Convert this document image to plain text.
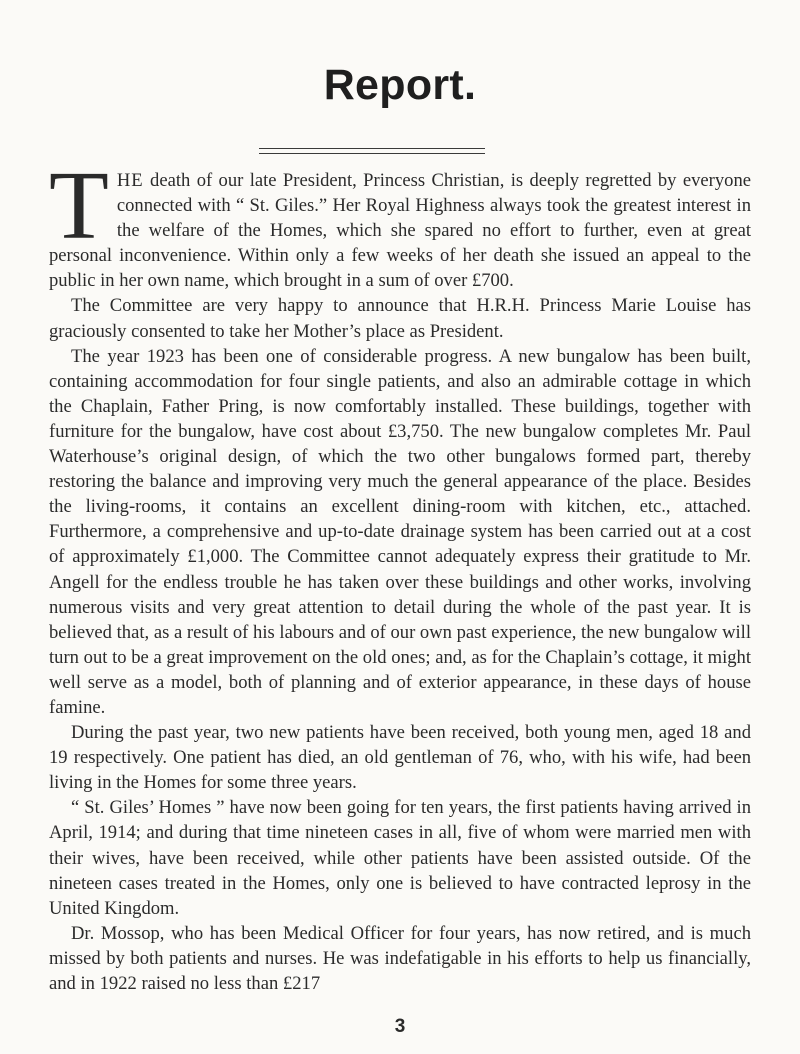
Report.

THE death of our late President, Princess Christian, is deeply regretted by everyone connected with “ St. Giles.” Her Royal Highness always took the greatest interest in the welfare of the Homes, which she spared no effort to further, even at great personal inconvenience. Within only a few weeks of her death she issued an appeal to the public in her own name, which brought in a sum of over £700.

The Committee are very happy to announce that H.R.H. Princess Marie Louise has graciously consented to take her Mother’s place as President.

The year 1923 has been one of considerable progress. A new bungalow has been built, containing accommodation for four single patients, and also an admirable cottage in which the Chaplain, Father Pring, is now comfortably installed. These buildings, together with furniture for the bungalow, have cost about £3,750. The new bungalow completes Mr. Paul Waterhouse’s original design, of which the two other bungalows formed part, thereby restoring the balance and improving very much the general appearance of the place. Besides the living-rooms, it contains an excellent dining-room with kitchen, etc., attached. Furthermore, a comprehensive and up-to-date drainage system has been carried out at a cost of approximately £1,000. The Committee cannot adequately express their gratitude to Mr. Angell for the endless trouble he has taken over these buildings and other works, involving numerous visits and very great attention to detail during the whole of the past year. It is believed that, as a result of his labours and of our own past experience, the new bungalow will turn out to be a great improvement on the old ones; and, as for the Chaplain’s cottage, it might well serve as a model, both of planning and of exterior appearance, in these days of house famine.

During the past year, two new patients have been received, both young men, aged 18 and 19 respectively. One patient has died, an old gentleman of 76, who, with his wife, had been living in the Homes for some three years.

“ St. Giles’ Homes ” have now been going for ten years, the first patients having arrived in April, 1914; and during that time nineteen cases in all, five of whom were married men with their wives, have been received, while other patients have been assisted outside. Of the nineteen cases treated in the Homes, only one is believed to have contracted leprosy in the United Kingdom.

Dr. Mossop, who has been Medical Officer for four years, has now retired, and is much missed by both patients and nurses. He was indefatigable in his efforts to help us financially, and in 1922 raised no less than £217

3
